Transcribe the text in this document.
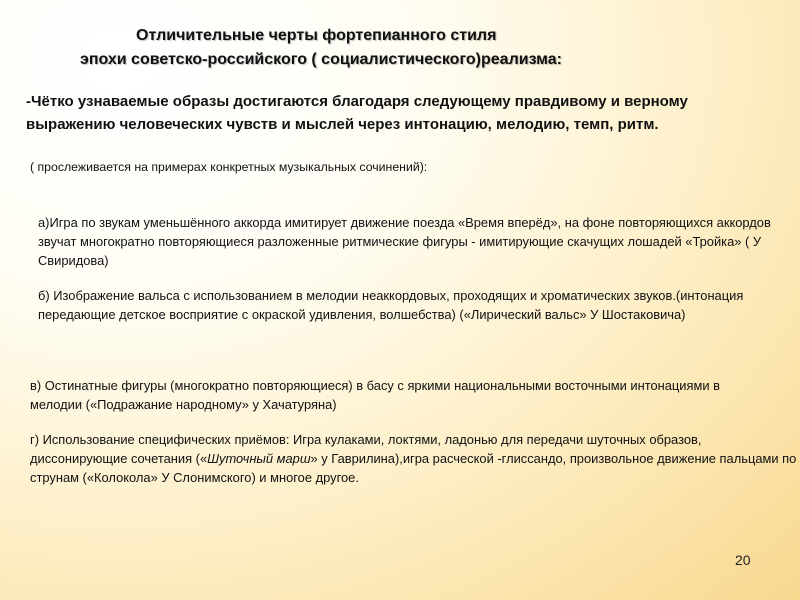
Отличительные черты фортепианного стиля
эпохи советско-российского ( социалистического)реализма:

-Чётко узнаваемые образы достигаются благодаря следующему правдивому и верному выражению человеческих чувств и мыслей через интонацию, мелодию, темп, ритм.

( прослеживается на примерах конкретных музыкальных сочинений):

а)Игра по звукам уменьшённого аккорда имитирует движение поезда «Время вперёд», на фоне повторяющихся аккордов звучат многократно повторяющиеся разложенные ритмические фигуры - имитирующие скачущих лошадей «Тройка» ( У Свиридова)

б) Изображение вальса с использованием в мелодии неаккордовых, проходящих и хроматических звуков.(интонация передающие детское восприятие с окраской удивления, волшебства) («Лирический вальс» У Шостаковича)

в) Остинатные фигуры (многократно повторяющиеся) в басу с яркими национальными восточными интонациями в мелодии («Подражание народному» у Хачатуряна)

г) Использование специфических приёмов: Игра кулаками, локтями, ладонью для передачи шуточных образов, диссонирующие сочетания («Шуточный марш» у Гаврилина),игра расческой -глиссандо, произвольное движение пальцами по струнам («Колокола» У Слонимского) и многое другое.

20
